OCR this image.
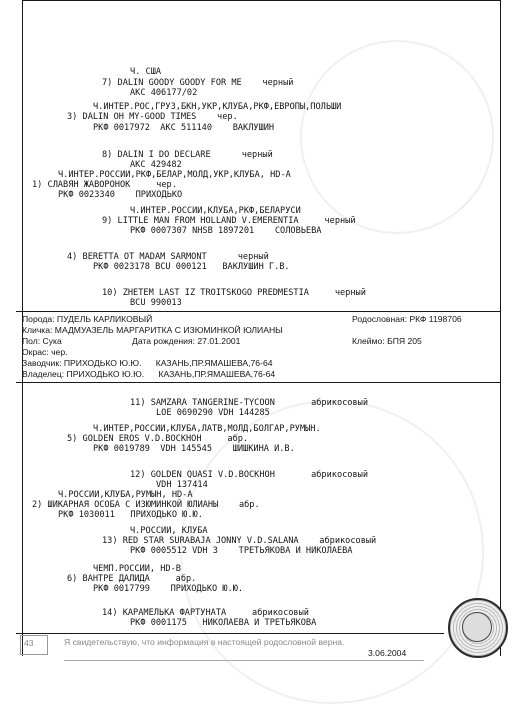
Ч. США
7) DALIN GOODY GOODY FOR ME    черный
АКС 406177/02
Ч.ИНТЕР.РОС,ГРУЗ,БКН,УКР,КЛУБА,РКФ,ЕВРОПЫ,ПОЛЬШИ
3) DALIN OH MY-GOOD TIMES    чер.
РКФ 0017972  АКС 511140    ВАКЛУШИН
8) DALIN I DO DECLARE      черный
АКС 429482
Ч.ИНТЕР.РОССИИ,РКФ,БЕЛАР,МОЛД,УКР,КЛУБА, HD-A
1) СЛАВЯН ЖАВОРОНОК     чер.
РКФ 0023340    ПРИХОДЬКО
Ч.ИНТЕР.РОССИИ,КЛУБА,РКФ,БЕЛАРУСИ
9) LITTLE MAN FROM HOLLAND V.EMERENTIA     черный
РКФ 0007307 NHSB 1897201    СОЛОВЬЕВА
4) BERETTA OT MADAM SARMONT      черный
РКФ 0023178 BCU 000121   ВАКЛУШИН Г.В.
10) ZHETEM LAST IZ TROITSKOGO PREDMESTIA     черный
BCU 990013
Порода: ПУДЕЛЬ КАРЛИКОВЫЙ	Родословная: РКФ 1198706
Кличка: МАДМУАЗЕЛЬ МАРГАРИТКА С ИЗЮМИНКОЙ ЮЛИАНЫ
Пол: Сука	Дата рождения: 27.01.2001	Клеймо: БПЯ 205
Окрас: чер.
Заводчик: ПРИХОДЬКО Ю.Ю.      КАЗАНЬ,ПР.ЯМАШЕВА,76-64
Владелец: ПРИХОДЬКО Ю.Ю.      КАЗАНЬ,ПР.ЯМАШЕВА,76-64
11) SAMZARA TANGERINE-TYCOON       абрикосовый
LOE 0690290 VDH 144285
Ч.ИНТЕР,РОССИИ,КЛУБА,ЛАТВ,МОЛД,БОЛГАР,РУМЫН.
5) GOLDEN EROS V.D.BOCKHOH     абр.
РКФ 0019789  VDH 145545    ШИШКИНА И.В.
12) GOLDEN QUASI V.D.BOCKHOH       абрикосовый
VDH 137414
Ч.РОССИИ,КЛУБА,РУМЫН, HD-A
2) ШИКАРНАЯ ОСОБА С ИЗЮМИНКОЙ ЮЛИАНЫ    абр.
РКФ 1030011   ПРИХОДЬКО Ю.Ю.
Ч.РОССИИ, КЛУБА
13) RED STAR SURABAJA JONNY V.D.SALANA    абрикосовый
РКФ 0005512 VDH 3    ТРЕТЬЯКОВА И НИКОЛАЕВА
ЧЕМП.РОССИИ, HD-B
6) ВАНТРЕ ДАЛИДА     абр.
РКФ 0017799    ПРИХОДЬКО Ю.Ю.
14) КАРАМЕЛЬКА ФАРТУНАТА     абрикосовый
РКФ 0001175   НИКОЛАЕВА И ТРЕТЬЯКОВА
43	Я свидетельствую, что информация в настоящей родословной верна.
3.06.2004
